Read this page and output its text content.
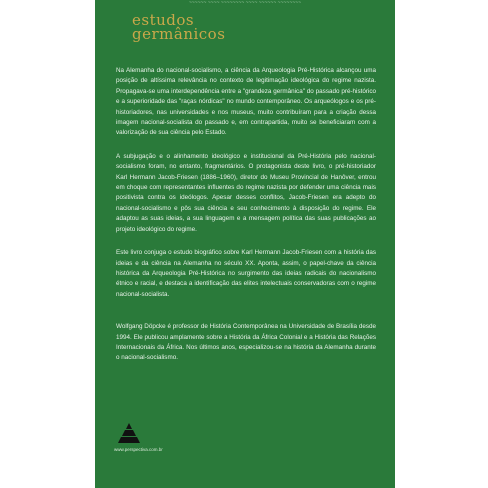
~~~~~~ ~~~~ ~~~~~~~~ ~~~~ ~~~~~~ ~~~~~~~~
estudos
germânicos

Na Alemanha do nacional-socialismo, a ciência da Arqueologia Pré-Histórica alcançou uma posição de altíssima relevância no contexto de legitimação ideológica do regime nazista. Propagava-se uma interdependência entre a "grandeza germânica" do passado pré-histórico e a superioridade das "raças nórdicas" no mundo contemporâneo. Os arqueólogos e os pré-historiadores, nas universidades e nos museus, muito contribuíram para a criação dessa imagem nacional-socialista do passado e, em contrapartida, muito se beneficiaram com a valorização de sua ciência pelo Estado.

A subjugação e o alinhamento ideológico e institucional da Pré-História pelo nacional-socialismo foram, no entanto, fragmentários. O protagonista deste livro, o pré-historiador Karl Hermann Jacob-Friesen (1886–1960), diretor do Museu Provincial de Hanôver, entrou em choque com representantes influentes do regime nazista por defender uma ciência mais positivista contra os ideólogos. Apesar desses conflitos, Jacob-Friesen era adepto do nacional-socialismo e pôs sua ciência e seu conhecimento à disposição do regime. Ele adaptou as suas ideias, a sua linguagem e a mensagem política das suas publicações ao projeto ideológico do regime.

Este livro conjuga o estudo biográfico sobre Karl Hermann Jacob-Friesen com a história das ideias e da ciência na Alemanha no século XX. Aponta, assim, o papel-chave da ciência histórica da Arqueologia Pré-Histórica no surgimento das ideias radicais do nacionalismo étnico e racial, e destaca a identificação das elites intelectuais conservadoras com o regime nacional-socialista.

Wolfgang Döpcke é professor de História Contemporânea na Universidade de Brasília desde 1994. Ele publicou amplamente sobre a História da África Colonial e a História das Relações Internacionais da África. Nos últimos anos, especializou-se na história da Alemanha durante o nacional-socialismo.

www.perspectiva.com.br
